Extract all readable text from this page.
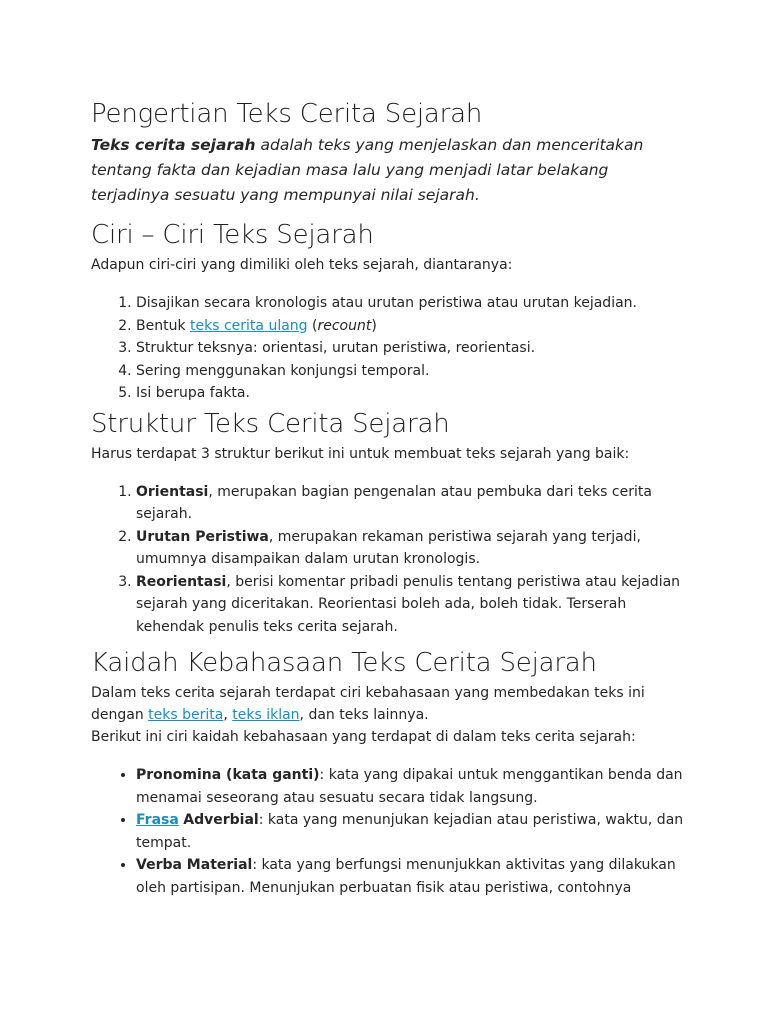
Pengertian Teks Cerita Sejarah

Teks cerita sejarah adalah teks yang menjelaskan dan menceritakan tentang fakta dan kejadian masa lalu yang menjadi latar belakang terjadinya sesuatu yang mempunyai nilai sejarah.

Ciri – Ciri Teks Sejarah

Adapun ciri-ciri yang dimiliki oleh teks sejarah, diantaranya:

1. Disajikan secara kronologis atau urutan peristiwa atau urutan kejadian.
2. Bentuk teks cerita ulang (recount)
3. Struktur teksnya: orientasi, urutan peristiwa, reorientasi.
4. Sering menggunakan konjungsi temporal.
5. Isi berupa fakta.
Struktur Teks Cerita Sejarah

Harus terdapat 3 struktur berikut ini untuk membuat teks sejarah yang baik:

1. Orientasi, merupakan bagian pengenalan atau pembuka dari teks cerita sejarah.
2. Urutan Peristiwa, merupakan rekaman peristiwa sejarah yang terjadi, umumnya disampaikan dalam urutan kronologis.
3. Reorientasi, berisi komentar pribadi penulis tentang peristiwa atau kejadian sejarah yang diceritakan. Reorientasi boleh ada, boleh tidak. Terserah kehendak penulis teks cerita sejarah.
Kaidah Kebahasaan Teks Cerita Sejarah

Dalam teks cerita sejarah terdapat ciri kebahasaan yang membedakan teks ini dengan teks berita, teks iklan, dan teks lainnya.

Berikut ini ciri kaidah kebahasaan yang terdapat di dalam teks cerita sejarah:

• Pronomina (kata ganti): kata yang dipakai untuk menggantikan benda dan menamai seseorang atau sesuatu secara tidak langsung.
• Frasa Adverbial: kata yang menunjukan kejadian atau peristiwa, waktu, dan tempat.
• Verba Material: kata yang berfungsi menunjukkan aktivitas yang dilakukan oleh partisipan. Menunjukan perbuatan fisik atau peristiwa, contohnya
